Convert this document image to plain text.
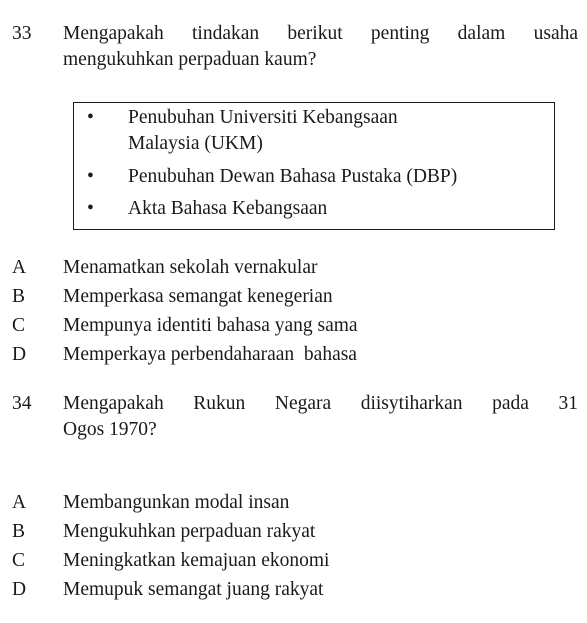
33 Mengapakah tindakan berikut penting dalam usaha
mengukuhkan perpaduan kaum?
• Penubuhan Universiti Kebangsaan
Malaysia (UKM)
• Penubuhan Dewan Bahasa Pustaka (DBP)
• Akta Bahasa Kebangsaan
A Menamatkan sekolah vernakular
B Memperkasa semangat kenegerian
C Mempunya identiti bahasa yang sama
D Memperkaya perbendaharaan  bahasa
34 Mengapakah Rukun Negara diisytiharkan pada 31
Ogos 1970?
A Membangunkan modal insan
B Mengukuhkan perpaduan rakyat
C Meningkatkan kemajuan ekonomi
D Memupuk semangat juang rakyat
